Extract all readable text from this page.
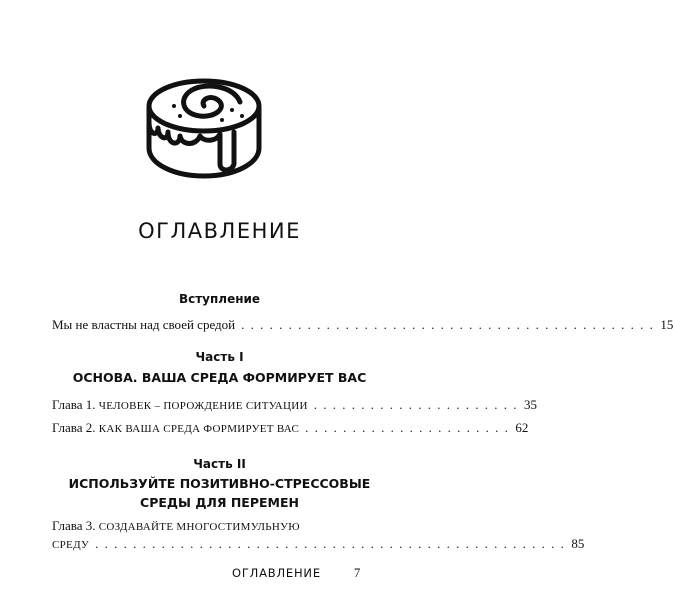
ОГЛАВЛЕНИЕ
Вступление
Мы не властны над своей средой . . . . . . . . . . . . . . . . . . . . . . . . . . . . . . . . . . . . . . . . . . . . 15
Часть I
ОСНОВА. ВАША СРЕДА ФОРМИРУЕТ ВАС
Глава 1. ЧЕЛОВЕК – ПОРОЖДЕНИЕ СИТУАЦИИ . . . . . . . . . . . . . . . . . . . . . . 35
Глава 2. КАК ВАША СРЕДА ФОРМИРУЕТ ВАС . . . . . . . . . . . . . . . . . . . . . . 62
Часть II
ИСПОЛЬЗУЙТЕ ПОЗИТИВНО-СТРЕССОВЫЕ
СРЕДЫ ДЛЯ ПЕРЕМЕН
Глава 3. СОЗДАВАЙТЕ МНОГОСТИМУЛЬНУЮ
СРЕДУ . . . . . . . . . . . . . . . . . . . . . . . . . . . . . . . . . . . . . . . . . . . . . . . . . . 85
ОГЛАВЛЕНИЕ	7
